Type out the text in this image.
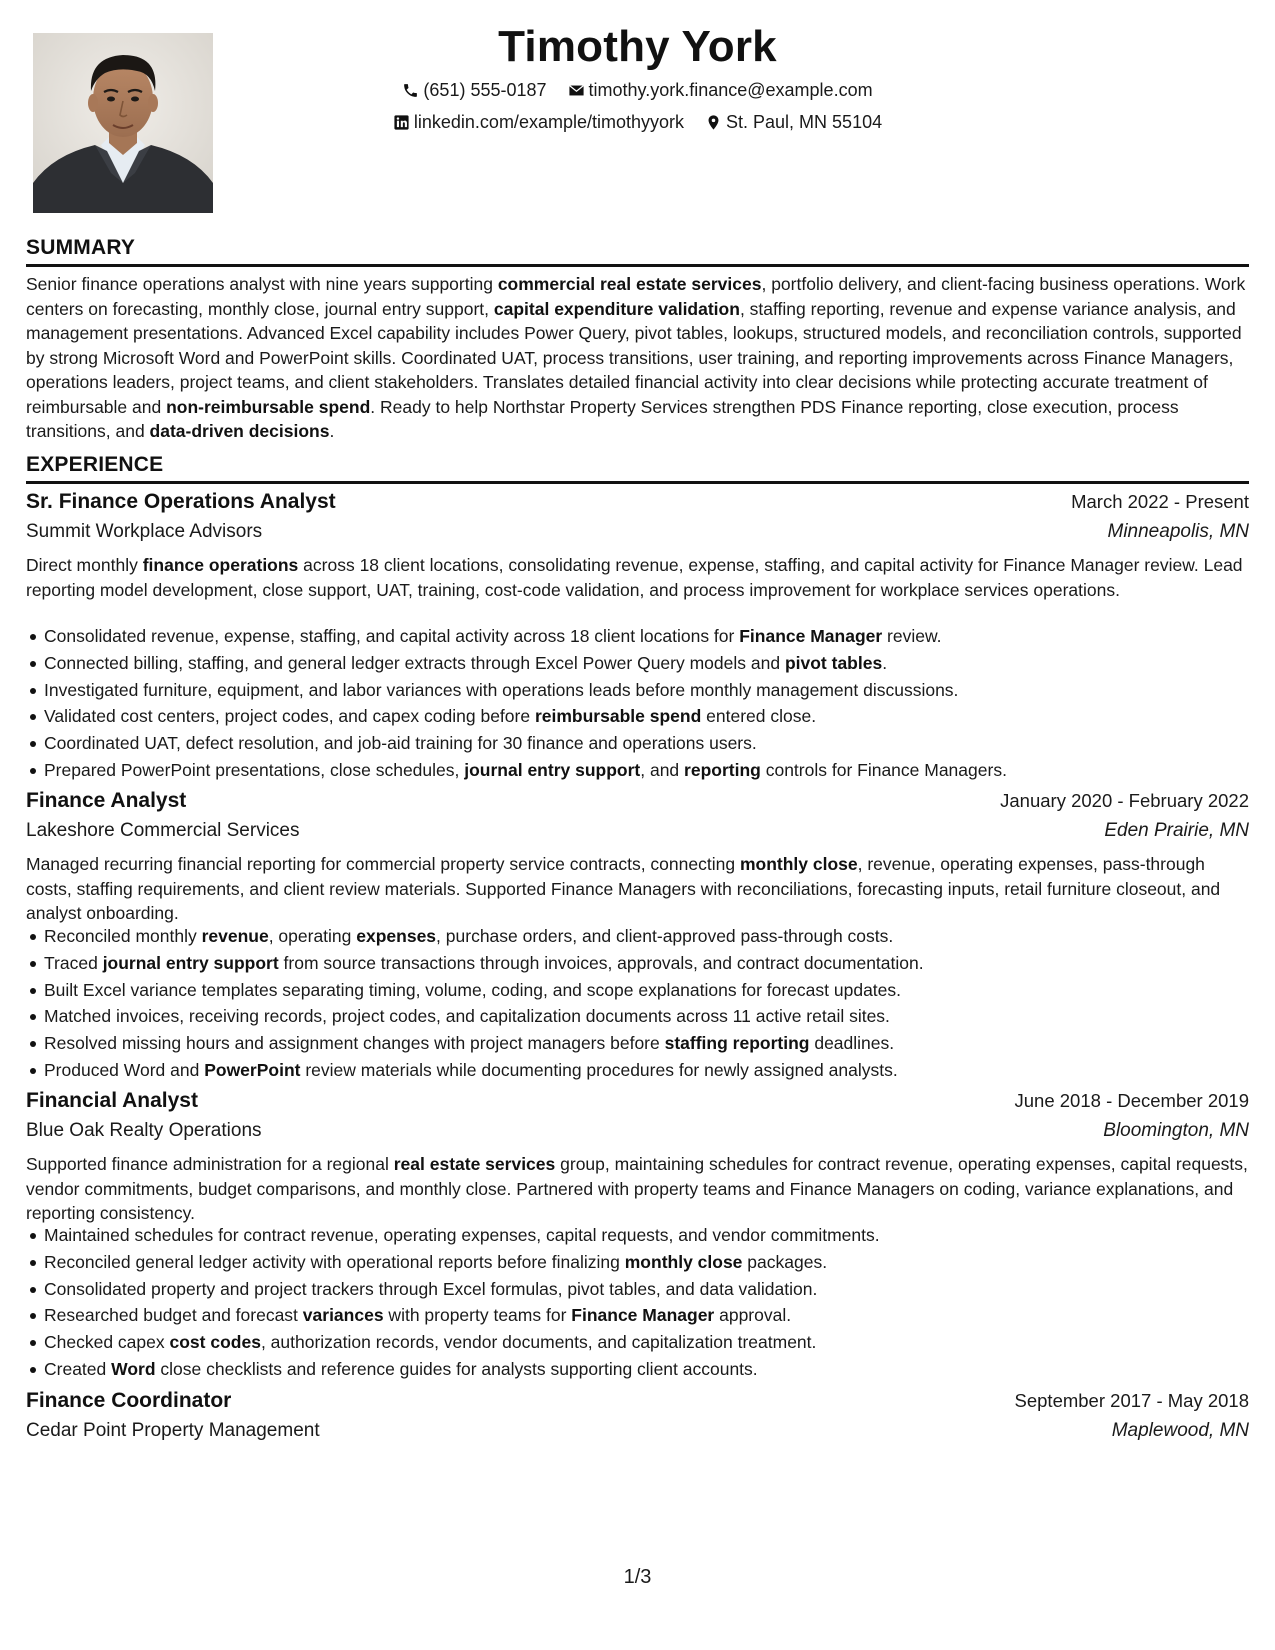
Timothy York
(651) 555-0187
timothy.york.finance@example.com
linkedin.com/example/timothyyork
St. Paul, MN 55104
SUMMARY
Senior finance operations analyst with nine years supporting commercial real estate services, portfolio delivery, and client-facing business operations. Work centers on forecasting, monthly close, journal entry support, capital expenditure validation, staffing reporting, revenue and expense variance analysis, and management presentations. Advanced Excel capability includes Power Query, pivot tables, lookups, structured models, and reconciliation controls, supported by strong Microsoft Word and PowerPoint skills. Coordinated UAT, process transitions, user training, and reporting improvements across Finance Managers, operations leaders, project teams, and client stakeholders. Translates detailed financial activity into clear decisions while protecting accurate treatment of reimbursable and non-reimbursable spend. Ready to help Northstar Property Services strengthen PDS Finance reporting, close execution, process transitions, and data-driven decisions.
EXPERIENCE
Sr. Finance Operations Analyst	March 2022 - Present
Summit Workplace Advisors	Minneapolis, MN
Direct monthly finance operations across 18 client locations, consolidating revenue, expense, staffing, and capital activity for Finance Manager review. Lead reporting model development, close support, UAT, training, cost-code validation, and process improvement for workplace services operations.
Consolidated revenue, expense, staffing, and capital activity across 18 client locations for Finance Manager review.
Connected billing, staffing, and general ledger extracts through Excel Power Query models and pivot tables.
Investigated furniture, equipment, and labor variances with operations leads before monthly management discussions.
Validated cost centers, project codes, and capex coding before reimbursable spend entered close.
Coordinated UAT, defect resolution, and job-aid training for 30 finance and operations users.
Prepared PowerPoint presentations, close schedules, journal entry support, and reporting controls for Finance Managers.
Finance Analyst	January 2020 - February 2022
Lakeshore Commercial Services	Eden Prairie, MN
Managed recurring financial reporting for commercial property service contracts, connecting monthly close, revenue, operating expenses, pass-through costs, staffing requirements, and client review materials. Supported Finance Managers with reconciliations, forecasting inputs, retail furniture closeout, and analyst onboarding.
Reconciled monthly revenue, operating expenses, purchase orders, and client-approved pass-through costs.
Traced journal entry support from source transactions through invoices, approvals, and contract documentation.
Built Excel variance templates separating timing, volume, coding, and scope explanations for forecast updates.
Matched invoices, receiving records, project codes, and capitalization documents across 11 active retail sites.
Resolved missing hours and assignment changes with project managers before staffing reporting deadlines.
Produced Word and PowerPoint review materials while documenting procedures for newly assigned analysts.
Financial Analyst	June 2018 - December 2019
Blue Oak Realty Operations	Bloomington, MN
Supported finance administration for a regional real estate services group, maintaining schedules for contract revenue, operating expenses, capital requests, vendor commitments, budget comparisons, and monthly close. Partnered with property teams and Finance Managers on coding, variance explanations, and reporting consistency.
Maintained schedules for contract revenue, operating expenses, capital requests, and vendor commitments.
Reconciled general ledger activity with operational reports before finalizing monthly close packages.
Consolidated property and project trackers through Excel formulas, pivot tables, and data validation.
Researched budget and forecast variances with property teams for Finance Manager approval.
Checked capex cost codes, authorization records, vendor documents, and capitalization treatment.
Created Word close checklists and reference guides for analysts supporting client accounts.
Finance Coordinator	September 2017 - May 2018
Cedar Point Property Management	Maplewood, MN
1/3
